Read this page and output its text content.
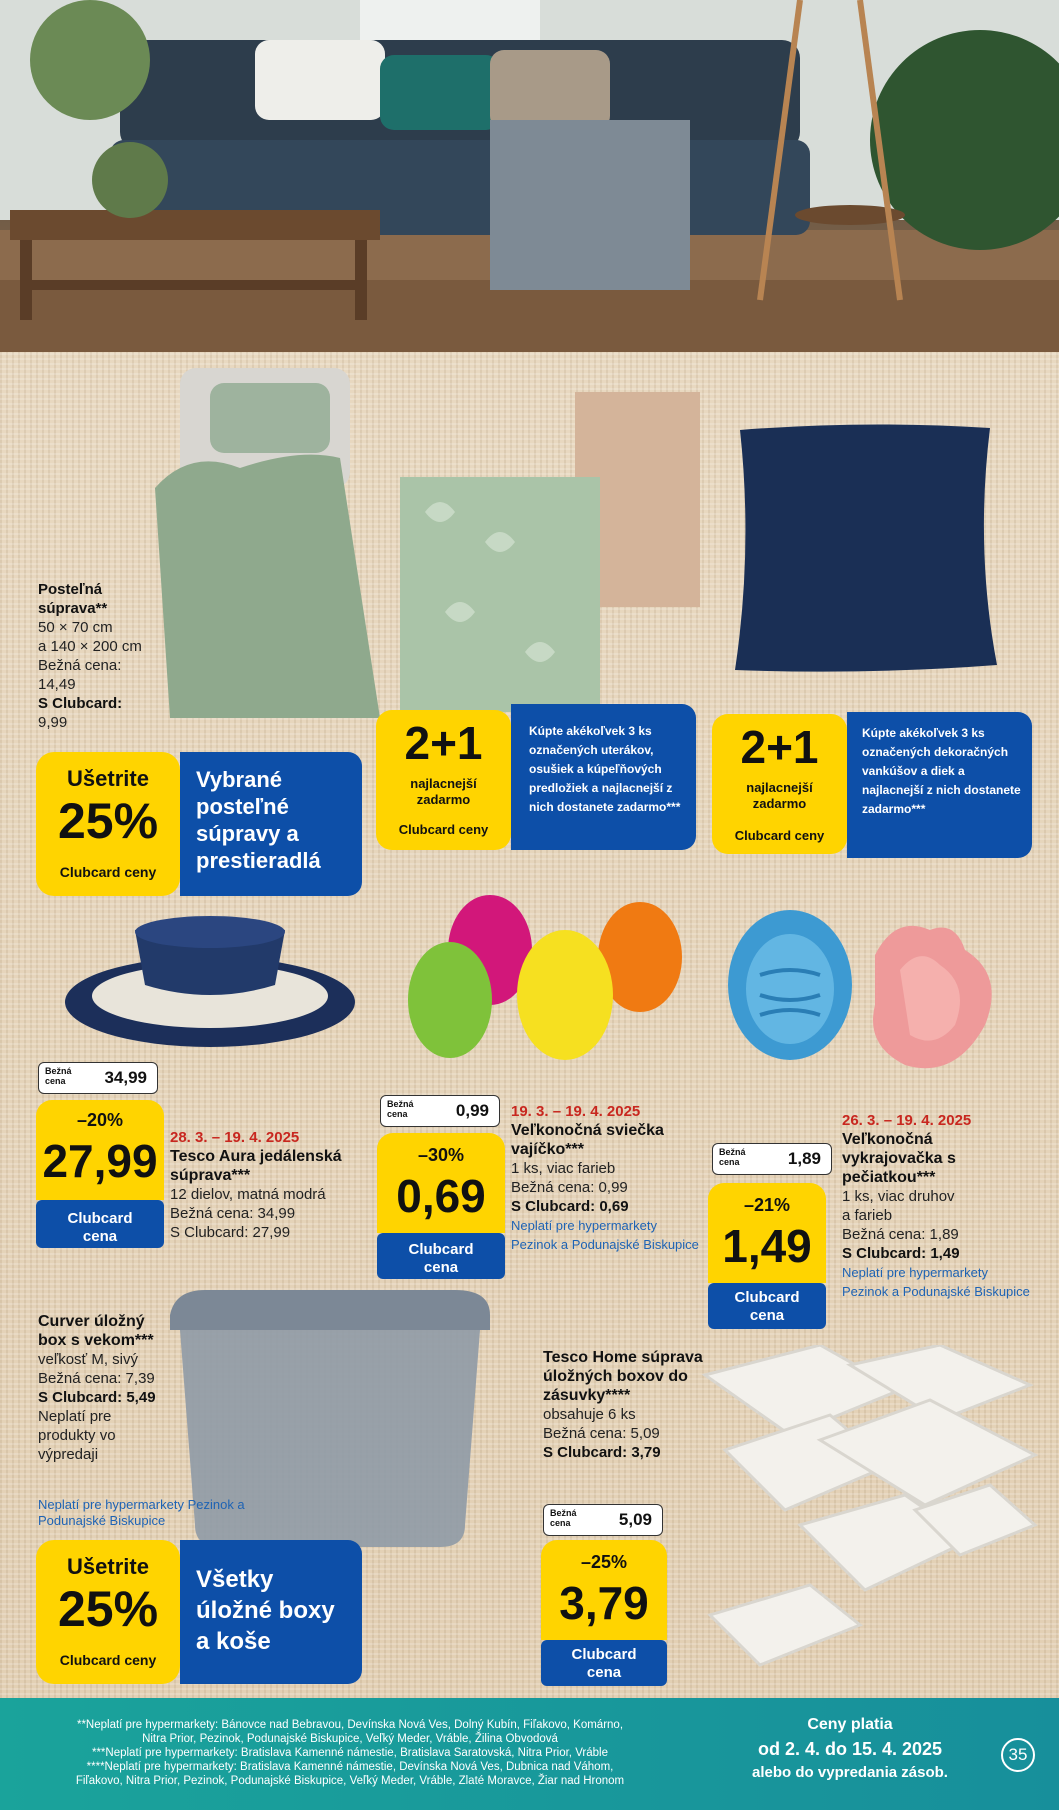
Posteľná súprava**
50 × 70 cm
a 140 × 200 cm
Bežná cena:
14,49
S Clubcard:
9,99
Ušetrite
25%
Clubcard ceny
Vybrané posteľné súpravy a prestieradlá
2+1
najlacnejší zadarmo
Clubcard ceny
Kúpte akékoľvek 3 ks označených uterákov, osušiek a kúpeľňových predložiek a najlacnejší z nich dostanete zadarmo***
2+1
najlacnejší zadarmo
Clubcard ceny
Kúpte akékoľvek 3 ks označených dekoračných vankúšov a diek a najlacnejší z nich dostanete zadarmo***
Bežná cena	34,99
–20%
27,99
Clubcard cena
28. 3. – 19. 4. 2025
Tesco Aura jedálenská súprava***
12 dielov, matná modrá
Bežná cena: 34,99
S Clubcard: 27,99
Bežná cena	0,99
–30%
0,69
Clubcard cena
19. 3. – 19. 4. 2025
Veľkonočná sviečka vajíčko***
1 ks, viac farieb
Bežná cena: 0,99
S Clubcard: 0,69
Neplatí pre hypermarkety Pezinok a Podunajské Biskupice
Bežná cena	1,89
–21%
1,49
Clubcard cena
26. 3. – 19. 4. 2025
Veľkonočná vykrajovačka s pečiatkou***
1 ks, viac druhov
a farieb
Bežná cena: 1,89
S Clubcard: 1,49
Neplatí pre hypermarkety Pezinok a Podunajské Biskupice
Curver úložný box s vekom***
veľkosť M, sivý
Bežná cena: 7,39
S Clubcard: 5,49
Neplatí pre produkty vo výpredaji
Neplatí pre hypermarkety Pezinok a Podunajské Biskupice
Ušetrite
25%
Clubcard ceny
Všetky úložné boxy a koše
Tesco Home súprava úložných boxov do zásuvky****
obsahuje 6 ks
Bežná cena: 5,09
S Clubcard: 3,79
Bežná cena	5,09
–25%
3,79
Clubcard cena
**Neplatí pre hypermarkety: Bánovce nad Bebravou, Devínska Nová Ves, Dolný Kubín, Fiľakovo, Komárno,
Nitra Prior, Pezinok, Podunajské Biskupice, Veľký Meder, Vráble, Žilina Obvodová
***Neplatí pre hypermarkety: Bratislava Kamenné námestie, Bratislava Saratovská, Nitra Prior, Vráble
****Neplatí pre hypermarkety: Bratislava Kamenné námestie, Devínska Nová Ves, Dubnica nad Váhom,
Fiľakovo, Nitra Prior, Pezinok, Podunajské Biskupice, Veľký Meder, Vráble, Zlaté Moravce, Žiar nad Hronom
Ceny platia
od 2. 4. do 15. 4. 2025
alebo do vypredania zásob.
35
